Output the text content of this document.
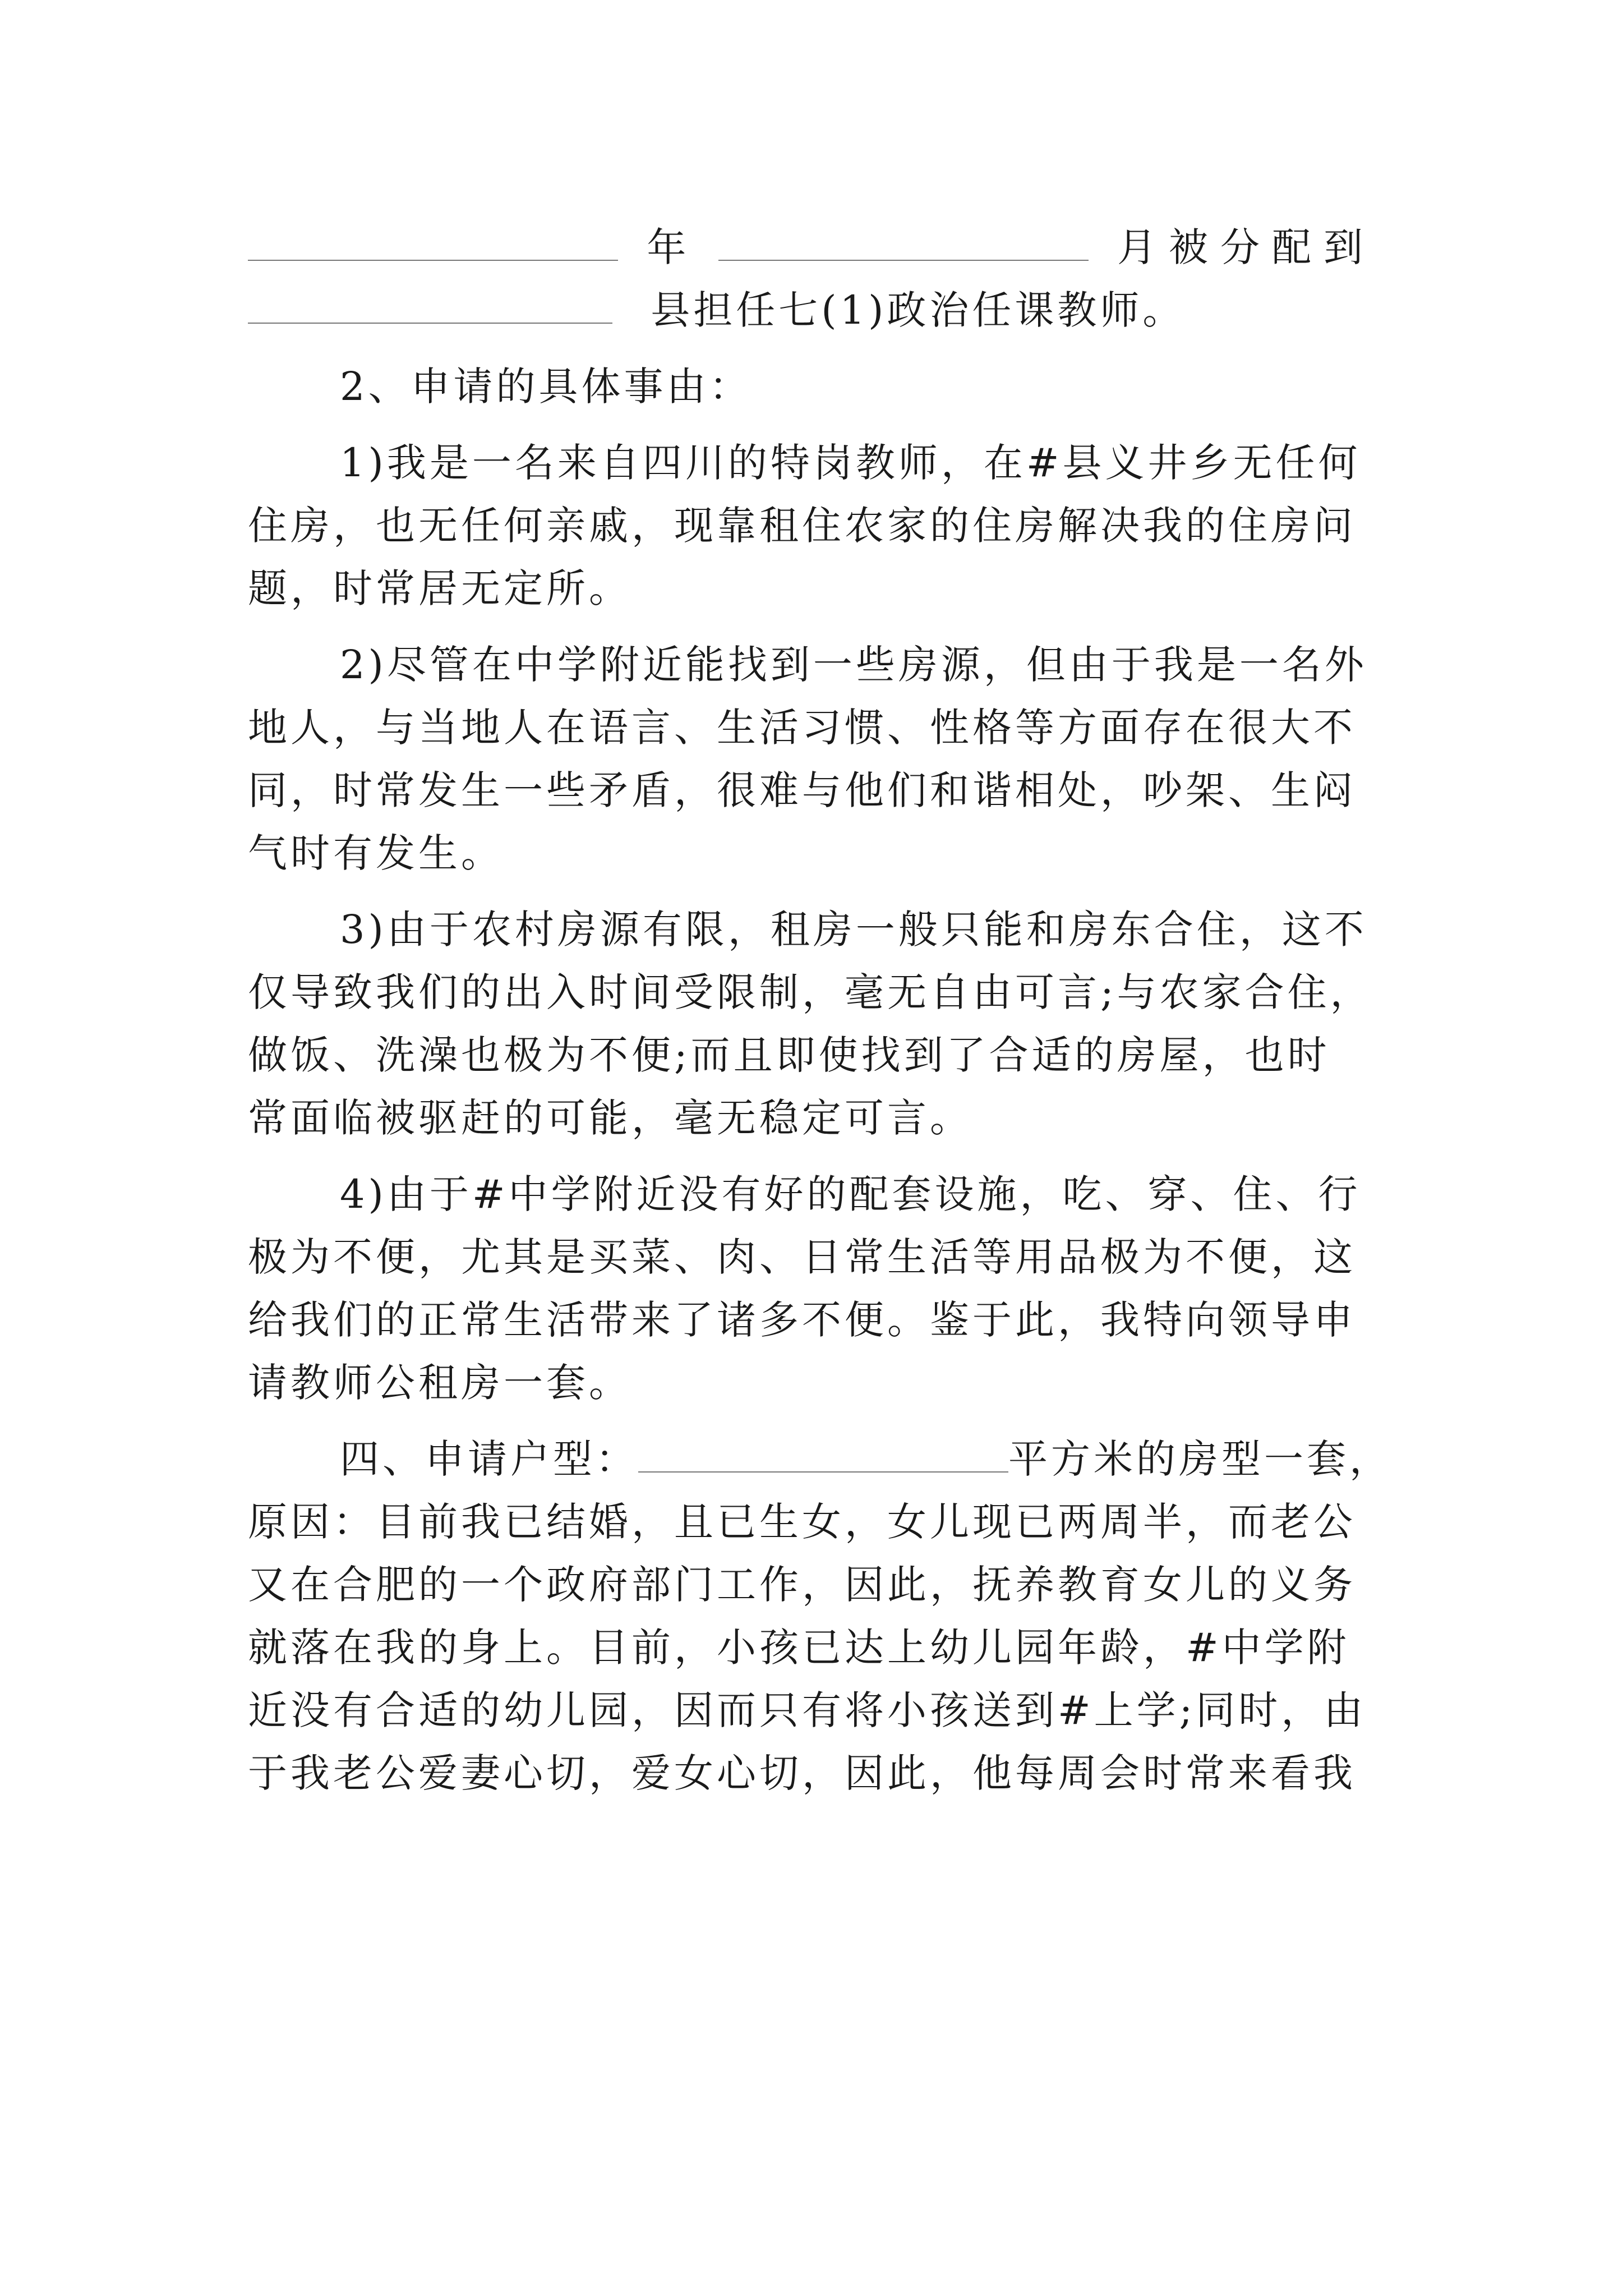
年	月被分配到
县担任七(1)政治任课教师。
2、申请的具体事由：
1)我是一名来自四川的特岗教师，在#县义井乡无任何
住房，也无任何亲戚，现靠租住农家的住房解决我的住房问
题，时常居无定所。
2)尽管在中学附近能找到一些房源，但由于我是一名外
地人，与当地人在语言、生活习惯、性格等方面存在很大不
同，时常发生一些矛盾，很难与他们和谐相处，吵架、生闷
气时有发生。
3)由于农村房源有限，租房一般只能和房东合住，这不
仅导致我们的出入时间受限制，毫无自由可言;与农家合住，
做饭、洗澡也极为不便;而且即使找到了合适的房屋，也时
常面临被驱赶的可能，毫无稳定可言。
4)由于#中学附近没有好的配套设施，吃、穿、住、行
极为不便，尤其是买菜、肉、日常生活等用品极为不便，这
给我们的正常生活带来了诸多不便。鉴于此，我特向领导申
请教师公租房一套。
四、申请户型：	平方米的房型一套，
原因：目前我已结婚，且已生女，女儿现已两周半，而老公
又在合肥的一个政府部门工作，因此，抚养教育女儿的义务
就落在我的身上。目前，小孩已达上幼儿园年龄，#中学附
近没有合适的幼儿园，因而只有将小孩送到#上学;同时，由
于我老公爱妻心切，爱女心切，因此，他每周会时常来看我
